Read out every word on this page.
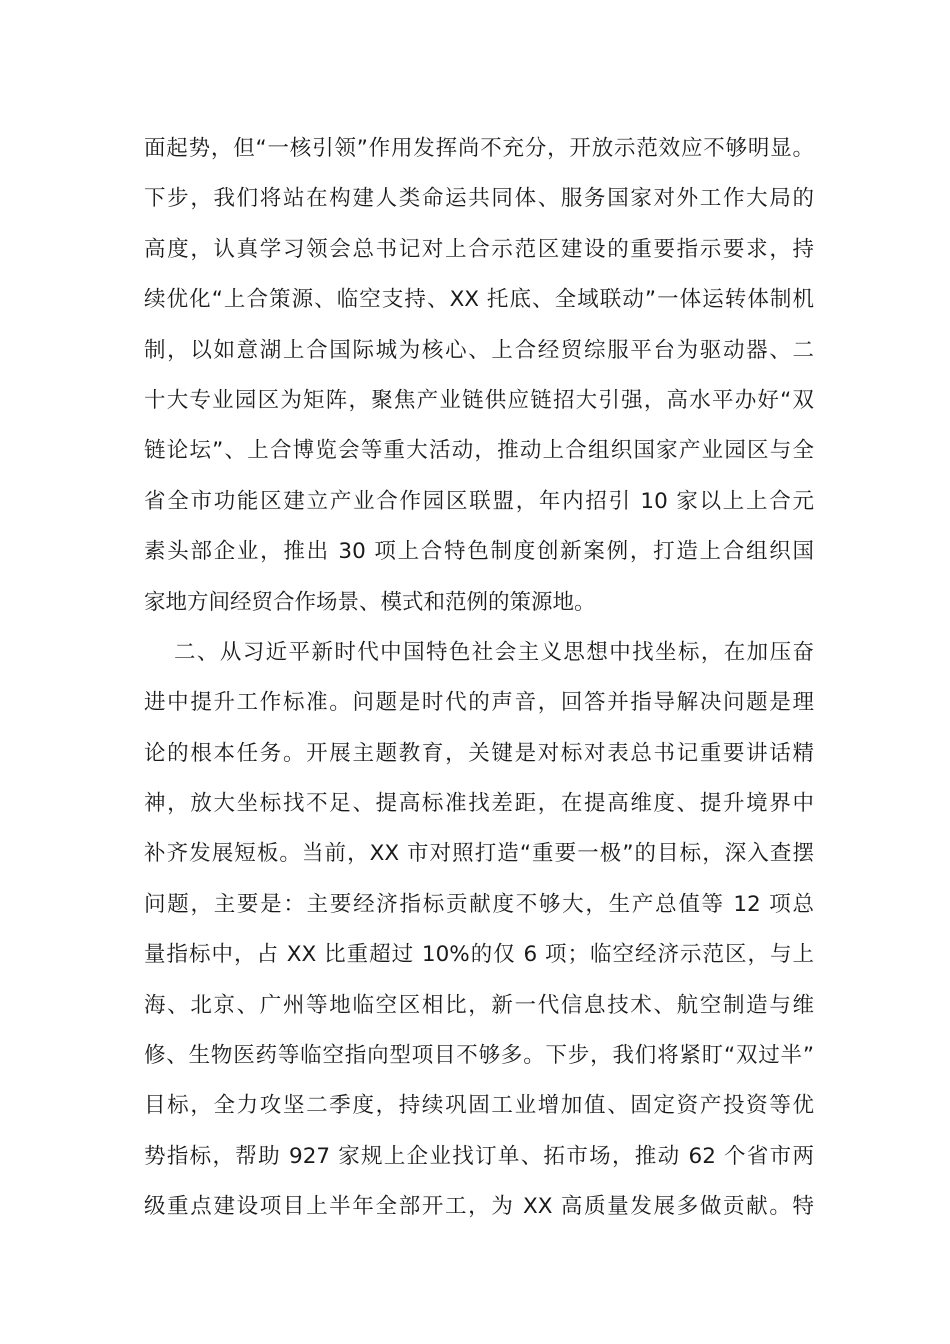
面起势，但“一核引领”作用发挥尚不充分，开放示范效应不够明显。
下步，我们将站在构建人类命运共同体、服务国家对外工作大局的
高度，认真学习领会总书记对上合示范区建设的重要指示要求，持
续优化“上合策源、临空支持、XX 托底、全域联动”一体运转体制机
制，以如意湖上合国际城为核心、上合经贸综服平台为驱动器、二
十大专业园区为矩阵，聚焦产业链供应链招大引强，高水平办好“双
链论坛”、上合博览会等重大活动，推动上合组织国家产业园区与全
省全市功能区建立产业合作园区联盟，年内招引 10 家以上上合元
素头部企业，推出 30 项上合特色制度创新案例，打造上合组织国
家地方间经贸合作场景、模式和范例的策源地。
二、从习近平新时代中国特色社会主义思想中找坐标，在加压奋
进中提升工作标准。问题是时代的声音，回答并指导解决问题是理
论的根本任务。开展主题教育，关键是对标对表总书记重要讲话精
神，放大坐标找不足、提高标准找差距，在提高维度、提升境界中
补齐发展短板。当前，XX 市对照打造“重要一极”的目标，深入查摆
问题，主要是：主要经济指标贡献度不够大，生产总值等 12 项总
量指标中，占 XX 比重超过 10%的仅 6 项；临空经济示范区，与上
海、北京、广州等地临空区相比，新一代信息技术、航空制造与维
修、生物医药等临空指向型项目不够多。下步，我们将紧盯“双过半”
目标，全力攻坚二季度，持续巩固工业增加值、固定资产投资等优
势指标，帮助 927 家规上企业找订单、拓市场，推动 62 个省市两
级重点建设项目上半年全部开工，为 XX 高质量发展多做贡献。特
